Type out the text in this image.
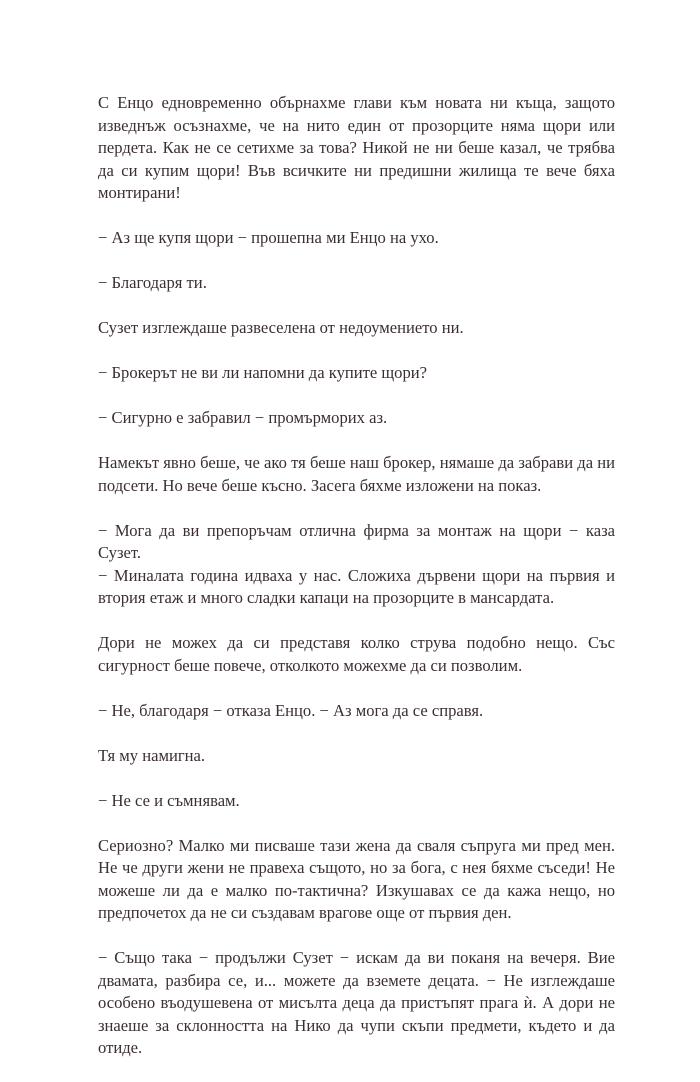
С Енцо едновременно обърнахме глави към новата ни къща, защото изведнъж осъзнахме, че на нито един от прозорците няма щори или пердета. Как не се сетихме за това? Никой не ни беше казал, че трябва да си купим щори! Във всичките ни предишни жилища те вече бяха монтирани!

− Аз ще купя щори − прошепна ми Енцо на ухо.

− Благодаря ти.

Сузет изглеждаше развеселена от недоумението ни.

− Брокерът не ви ли напомни да купите щори?

− Сигурно е забравил − промърморих аз.

Намекът явно беше, че ако тя беше наш брокер, нямаше да забрави да ни подсети. Но вече беше късно. Засега бяхме изложени на показ.

− Мога да ви препоръчам отлична фирма за монтаж на щори − каза Сузет.

− Миналата година идваха у нас. Сложиха дървени щори на първия и втория етаж и много сладки капаци на прозорците в мансардата.

Дори не можех да си представя колко струва подобно нещо. Със сигурност беше повече, отколкото можехме да си позволим.

− Не, благодаря − отказа Енцо. − Аз мога да се справя.

Тя му намигна.

− Не се и съмнявам.

Сериозно? Малко ми писваше тази жена да сваля съпруга ми пред мен. Не че други жени не правеха същото, но за бога, с нея бяхме съседи! Не можеше ли да е малко по-тактична? Изкушавах се да кажа нещо, но предпочетох да не си създавам врагове още от първия ден.

− Също така − продължи Сузет − искам да ви поканя на вечеря. Вие двамата, разбира се, и... можете да вземете децата. − Не изглеждаше особено въодушевена от мисълта деца да пристъпят прага ѝ. А дори не знаеше за склонността на Нико да чупи скъпи предмети, където и да отиде.
